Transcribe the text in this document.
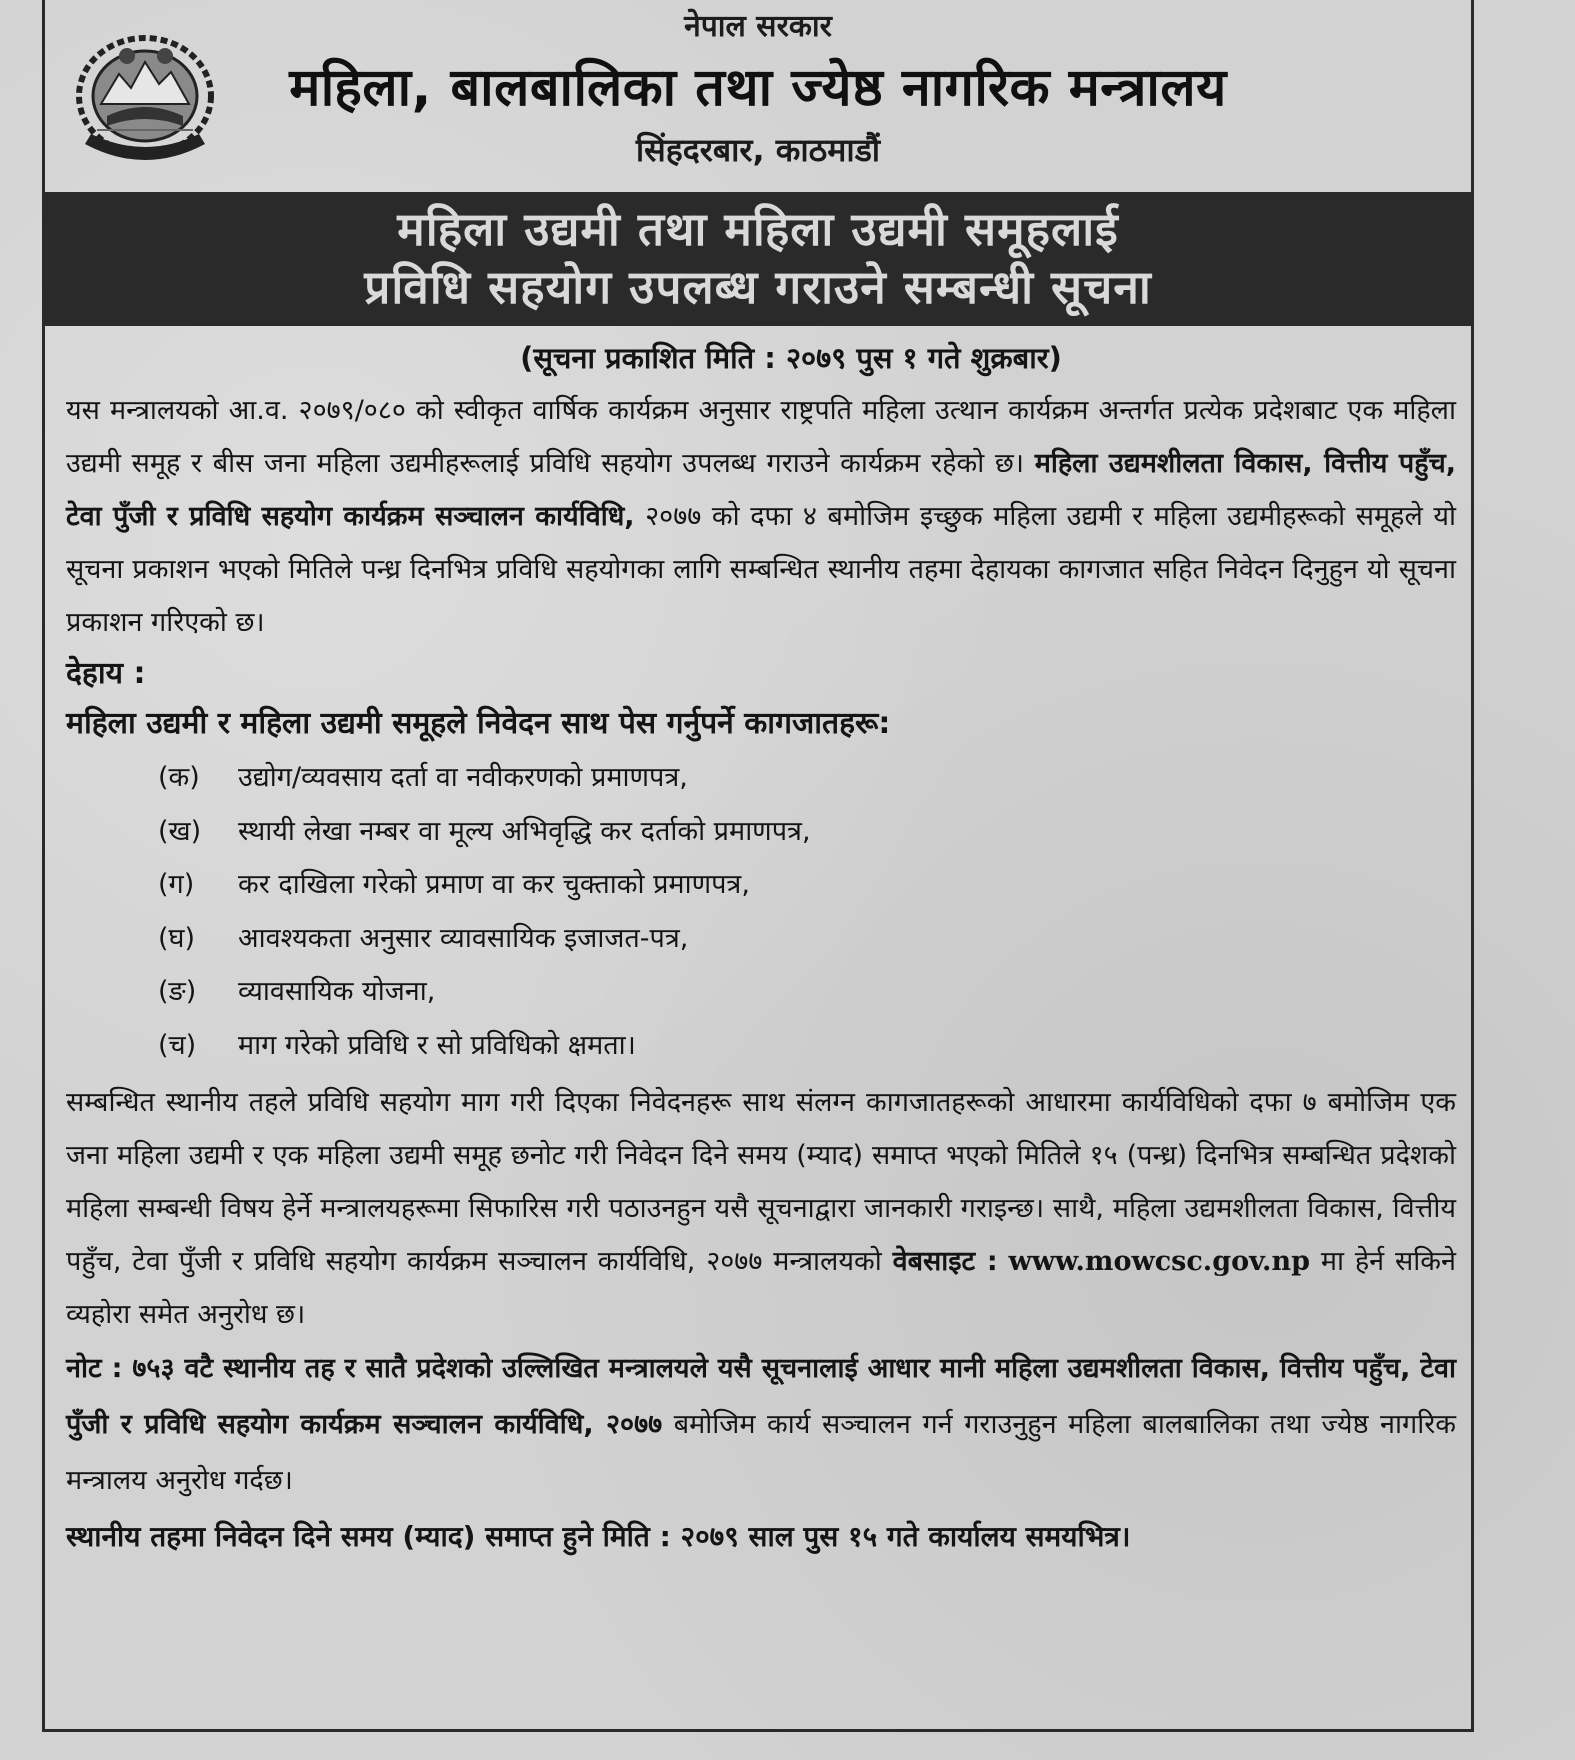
नेपाल सरकार
महिला, बालबालिका तथा ज्येष्ठ नागरिक मन्त्रालय
सिंहदरबार, काठमाडौं
महिला उद्यमी तथा महिला उद्यमी समूहलाई
प्रविधि सहयोग उपलब्ध गराउने सम्बन्धी सूचना
(सूचना प्रकाशित मिति : २०७९ पुस १ गते शुक्रबार)

यस मन्त्रालयको आ.व. २०७९/०८० को स्वीकृत वार्षिक कार्यक्रम अनुसार राष्ट्रपति महिला उत्थान कार्यक्रम अन्तर्गत प्रत्येक प्रदेशबाट एक महिला उद्यमी समूह र बीस जना महिला उद्यमीहरूलाई प्रविधि सहयोग उपलब्ध गराउने कार्यक्रम रहेको छ। महिला उद्यमशीलता विकास, वित्तीय पहुँच, टेवा पुँजी र प्रविधि सहयोग कार्यक्रम सञ्चालन कार्यविधि, २०७७ को दफा ४ बमोजिम इच्छुक महिला उद्यमी र महिला उद्यमीहरूको समूहले यो सूचना प्रकाशन भएको मितिले पन्ध्र दिनभित्र प्रविधि सहयोगका लागि सम्बन्धित स्थानीय तहमा देहायका कागजात सहित निवेदन दिनुहुन यो सूचना प्रकाशन गरिएको छ।

देहाय :

महिला उद्यमी र महिला उद्यमी समूहले निवेदन साथ पेस गर्नुपर्ने कागजातहरू:

(क)	उद्योग/व्यवसाय दर्ता वा नवीकरणको प्रमाणपत्र,
(ख)	स्थायी लेखा नम्बर वा मूल्य अभिवृद्धि कर दर्ताको प्रमाणपत्र,
(ग)	कर दाखिला गरेको प्रमाण वा कर चुक्ताको प्रमाणपत्र,
(घ)	आवश्यकता अनुसार व्यावसायिक इजाजत-पत्र,
(ङ)	व्यावसायिक योजना,
(च)	माग गरेको प्रविधि र सो प्रविधिको क्षमता।

सम्बन्धित स्थानीय तहले प्रविधि सहयोग माग गरी दिएका निवेदनहरू साथ संलग्न कागजातहरूको आधारमा कार्यविधिको दफा ७ बमोजिम एक जना महिला उद्यमी र एक महिला उद्यमी समूह छनोट गरी निवेदन दिने समय (म्याद) समाप्त भएको मितिले १५ (पन्ध्र) दिनभित्र सम्बन्धित प्रदेशको महिला सम्बन्धी विषय हेर्ने मन्त्रालयहरूमा सिफारिस गरी पठाउनहुन यसै सूचनाद्वारा जानकारी गराइन्छ। साथै, महिला उद्यमशीलता विकास, वित्तीय पहुँच, टेवा पुँजी र प्रविधि सहयोग कार्यक्रम सञ्चालन कार्यविधि, २०७७ मन्त्रालयको वेबसाइट : www.mowcsc.gov.np मा हेर्न सकिने व्यहोरा समेत अनुरोध छ।

नोट : ७५३ वटै स्थानीय तह र सातै प्रदेशको उल्लिखित मन्त्रालयले यसै सूचनालाई आधार मानी महिला उद्यमशीलता विकास, वित्तीय पहुँच, टेवा पुँजी र प्रविधि सहयोग कार्यक्रम सञ्चालन कार्यविधि, २०७७ बमोजिम कार्य सञ्चालन गर्न गराउनुहुन महिला बालबालिका तथा ज्येष्ठ नागरिक मन्त्रालय अनुरोध गर्दछ।

स्थानीय तहमा निवेदन दिने समय (म्याद) समाप्त हुने मिति : २०७९ साल पुस १५ गते कार्यालय समयभित्र।
